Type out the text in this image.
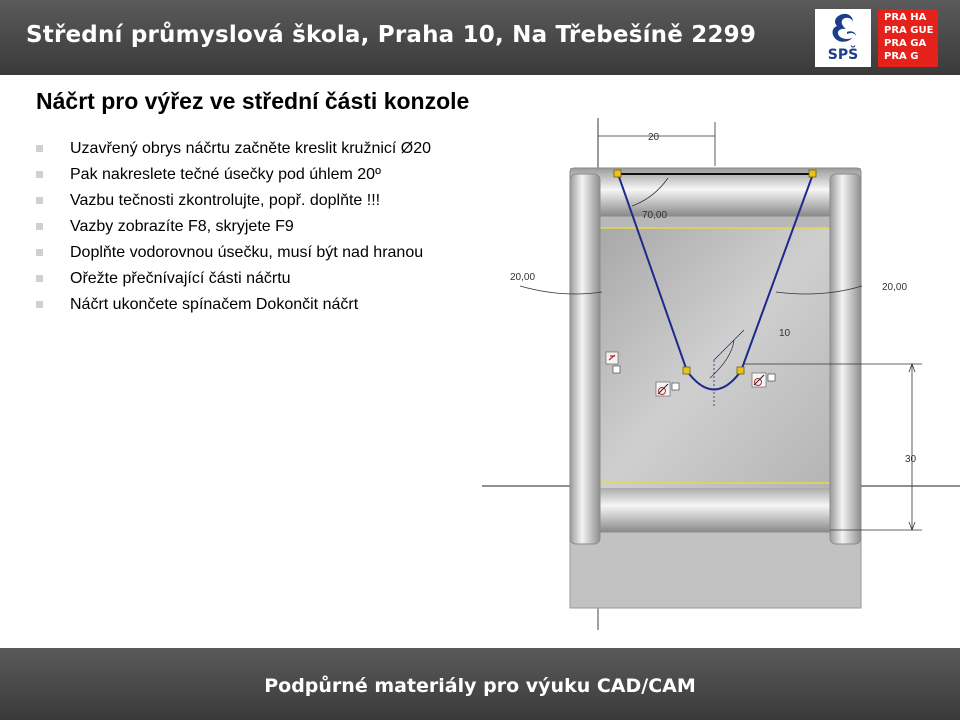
Střední průmyslová škola, Praha 10, Na Třebešíně 2299
SPŠ
PRA HA
PRA GUE
PRA GA
PRA G
Náčrt pro výřez ve střední části konzole
Uzavřený obrys náčrtu začněte kreslit kružnicí Ø20
Pak nakreslete tečné úsečky pod úhlem 20º
Vazbu tečnosti zkontrolujte, popř. doplňte !!!
Vazby zobrazíte F8, skryjete F9
Doplňte vodorovnou úsečku, musí být nad hranou
Ořežte přečnívající části náčrtu
Náčrt ukončete spínačem Dokončit náčrt
20
70,00
20,00
20,00
10
30
Podpůrné materiály pro výuku CAD/CAM
